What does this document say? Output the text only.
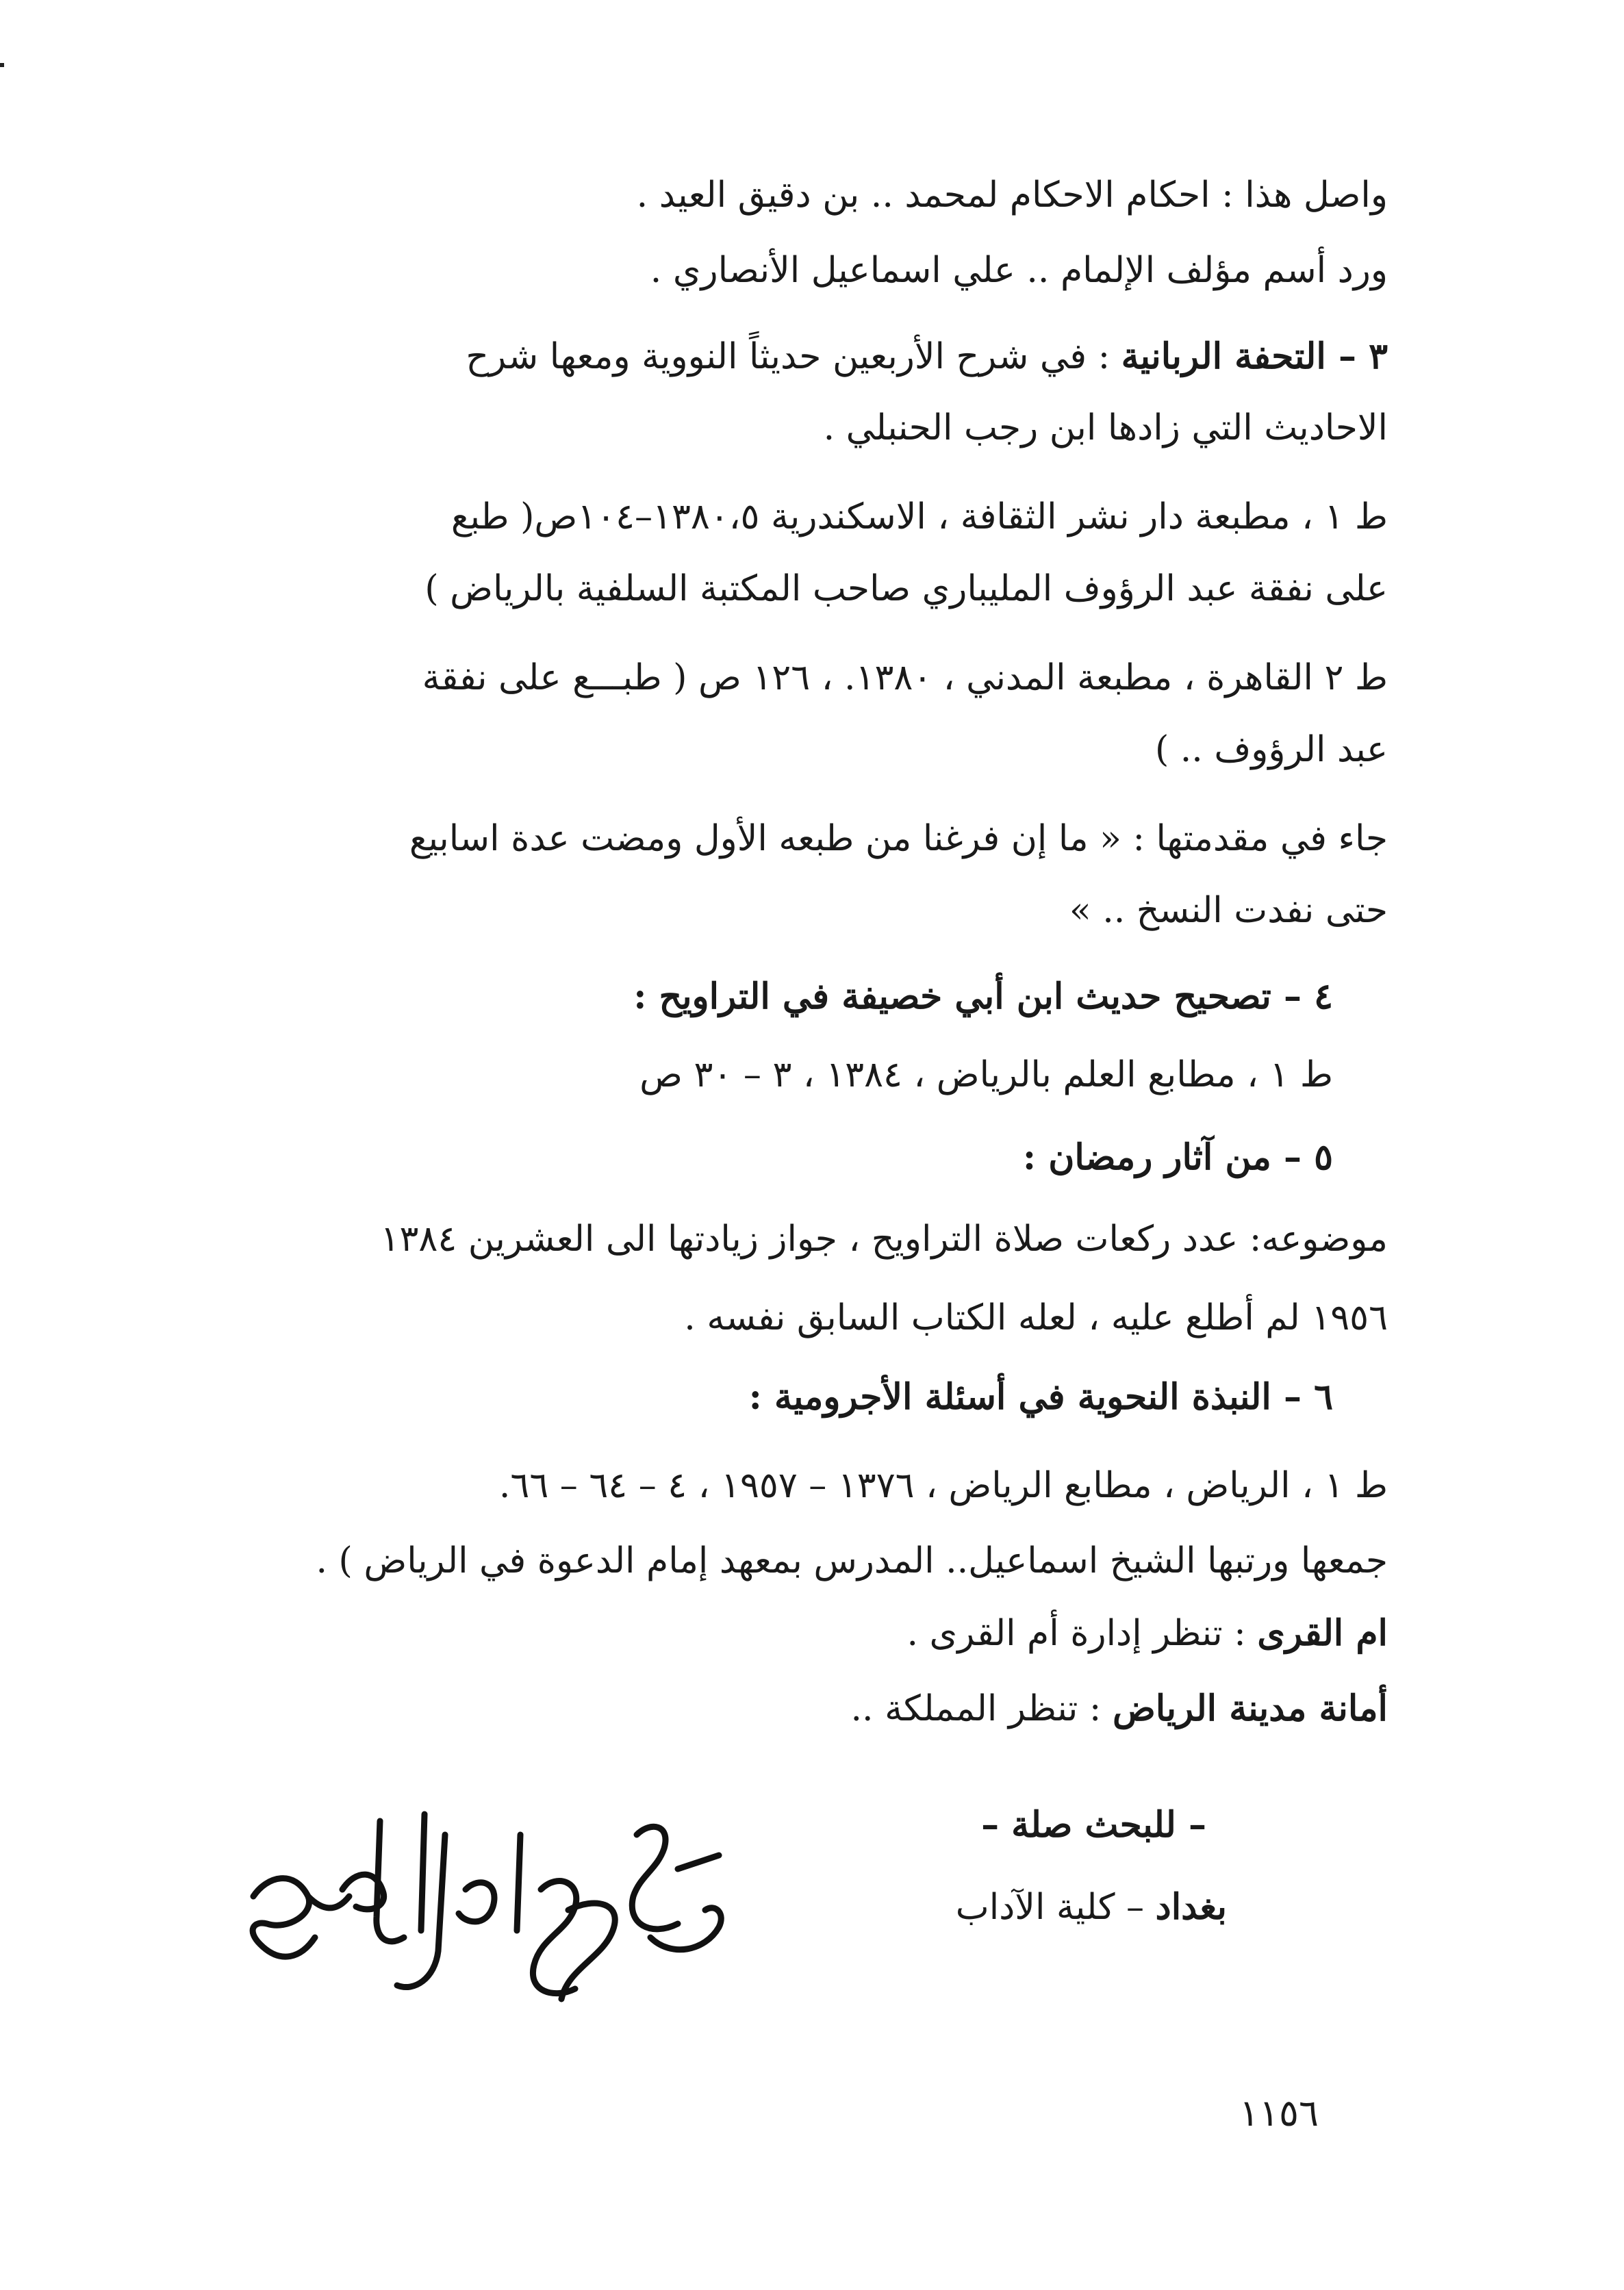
واصل هذا : احكام الاحكام لمحمد .. بن دقيق العيد .
ورد أسم مؤلف الإلمام .. علي اسماعيل الأنصاري .
٣ – التحفة الربانية : في شرح الأربعين حديثاً النووية ومعها شرح
الاحاديث التي زادها ابن رجب الحنبلي .
ط ١ ، مطبعة دار نشر الثقافة ، الاسكندرية ١٣٨٠،٥–١٠٤ص( طبع
على نفقة عبد الرؤوف المليباري صاحب المكتبة السلفية بالرياض )
ط ٢ القاهرة ، مطبعة المدني ، ١٣٨٠. ، ١٢٦ ص ( طبـــع على نفقة
عبد الرؤوف .. )
جاء في مقدمتها : « ما إن فرغنا من طبعه الأول ومضت عدة اسابيع
حتى نفدت النسخ .. »
٤ – تصحيح حديث ابن أبي خصيفة في التراويح :
ط ١ ، مطابع العلم بالرياض ، ١٣٨٤ ، ٣ – ٣٠ ص
٥ – من آثار رمضان :
موضوعه: عدد ركعات صلاة التراويح ، جواز زيادتها الى العشرين ١٣٨٤
١٩٥٦ لم أطلع عليه ، لعله الكتاب السابق نفسه .
٦ – النبذة النحوية في أسئلة الأجرومية :
ط ١ ، الرياض ، مطابع الرياض ، ١٣٧٦ – ١٩٥٧ ، ٤ – ٦٤ – ٦٦.
جمعها ورتبها الشيخ اسماعيل.. المدرس بمعهد إمام الدعوة في الرياض ) .
ام القرى : تنظر إدارة أم القرى .
أمانة مدينة الرياض : تنظر المملكة ..
– للبحث صلة –
بغداد – كلية الآداب
علي جواد الطاهر
١١٥٦
